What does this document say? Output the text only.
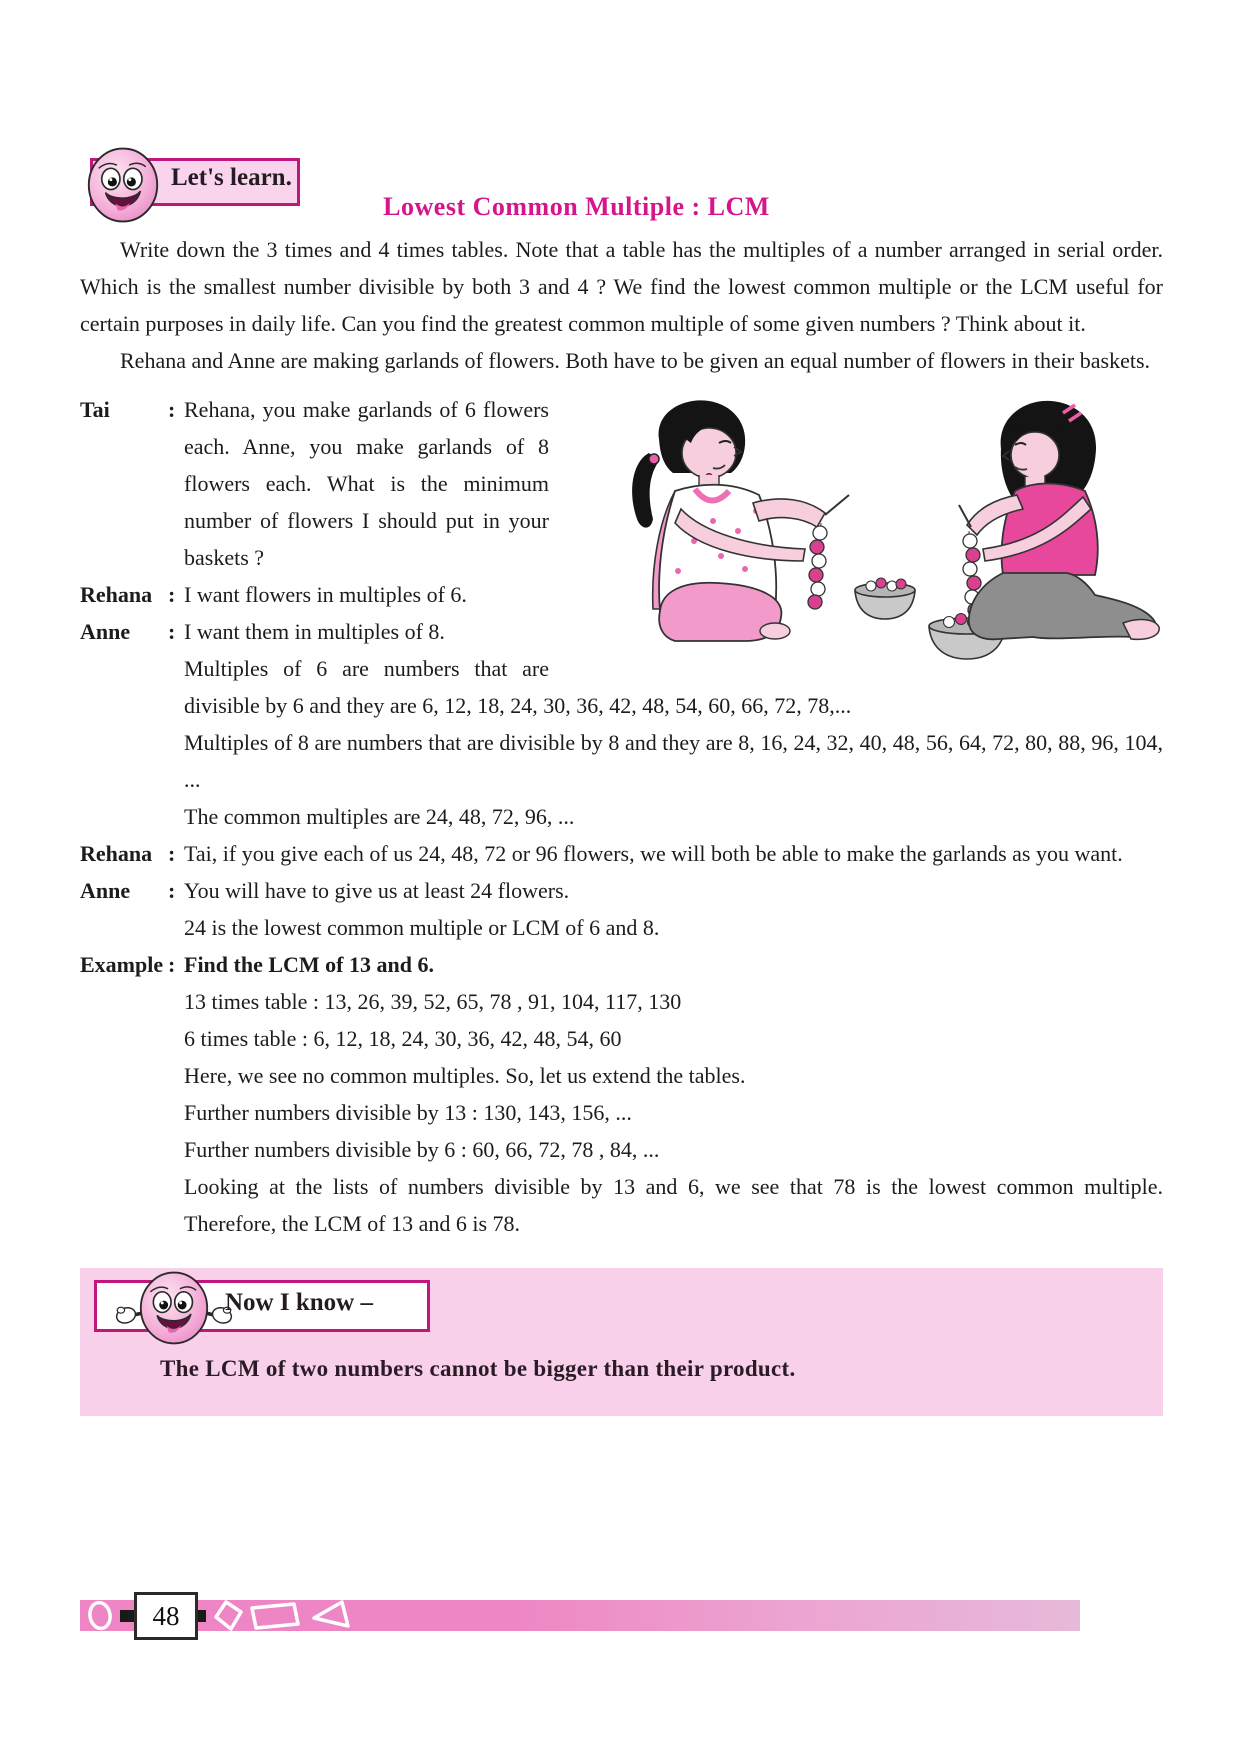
Let's learn.
Lowest Common Multiple : LCM

Write down the 3 times and 4 times tables. Note that a table has the multiples of a number arranged in serial order. Which is the smallest number divisible by both 3 and 4 ? We find the lowest common multiple or the LCM useful for certain purposes in daily life. Can you find the greatest common multiple of some given numbers ? Think about it.

Rehana and Anne are making garlands of flowers. Both have to be given an equal number of flowers in their baskets.

Tai	: Rehana, you make garlands of 6 flowers each. Anne, you make garlands of 8 flowers each. What is the minimum number of flowers I should put in your baskets ?

Rehana : I want flowers in multiples of 6.

Anne : I want them in multiples of 8.

Multiples of 6 are numbers that are divisible by 6 and they are 6, 12, 18, 24, 30, 36, 42, 48, 54, 60, 66, 72, 78,...

Multiples of 8 are numbers that are divisible by 8 and they are 8, 16, 24, 32, 40, 48, 56, 64, 72, 80, 88, 96, 104, ...

The common multiples are 24, 48, 72, 96, ...

Rehana : Tai, if you give each of us 24, 48, 72 or 96 flowers, we will both be able to make the garlands as you want.

Anne : You will have to give us at least 24 flowers.

24 is the lowest common multiple or LCM of 6 and 8.

Example : Find the LCM of 13 and 6.

13 times table : 13, 26, 39, 52, 65, 78 , 91, 104, 117, 130

6 times table : 6, 12, 18, 24, 30, 36, 42, 48, 54, 60

Here, we see no common multiples. So, let us extend the tables.

Further numbers divisible by 13 : 130, 143, 156, ...

Further numbers divisible by 6 : 60, 66, 72, 78 , 84, ...

Looking at the lists of numbers divisible by 13 and 6, we see that 78 is the lowest common multiple. Therefore, the LCM of 13 and 6 is 78.

Now I know –

The LCM of two numbers cannot be bigger than their product.

48
